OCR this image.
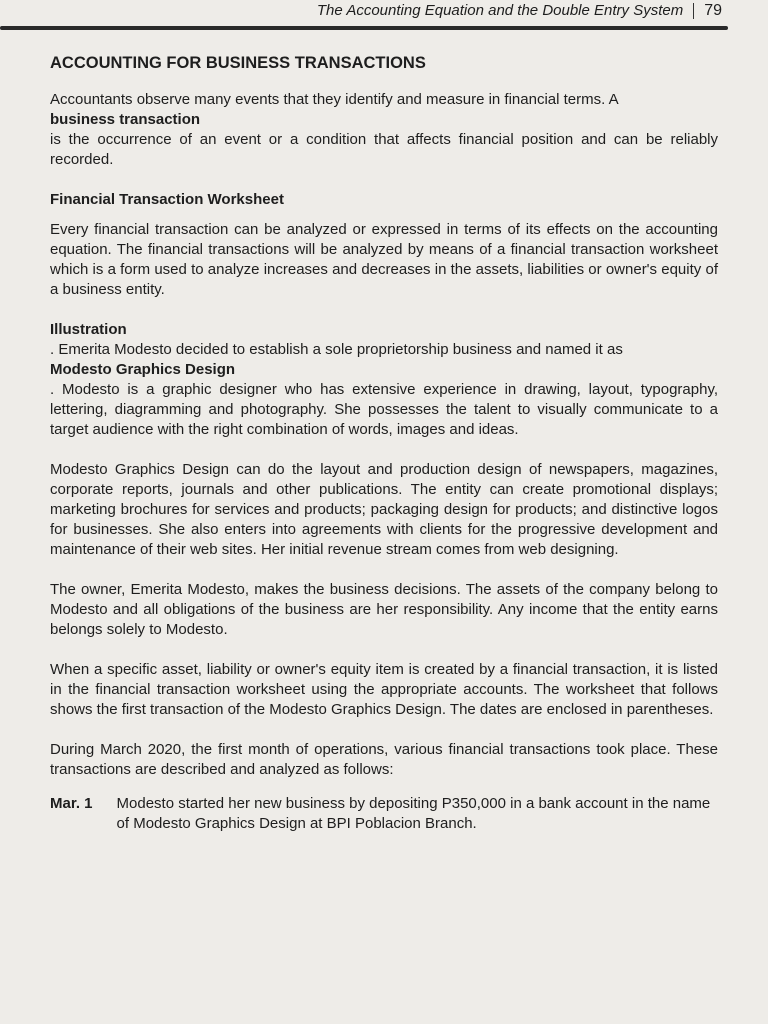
The Accounting Equation and the Double Entry System 79
ACCOUNTING FOR BUSINESS TRANSACTIONS

Accountants observe many events that they identify and measure in financial terms. A
business transaction
is the occurrence of an event or a condition that affects financial position and can be reliably recorded.

Financial Transaction Worksheet

Every financial transaction can be analyzed or expressed in terms of its effects on the accounting equation. The financial transactions will be analyzed by means of a financial transaction worksheet which is a form used to analyze increases and decreases in the assets, liabilities or owner's equity of a business entity.

Illustration
. Emerita Modesto decided to establish a sole proprietorship business and named it as
Modesto Graphics Design
. Modesto is a graphic designer who has extensive experience in drawing, layout, typography, lettering, diagramming and photography. She possesses the talent to visually communicate to a target audience with the right combination of words, images and ideas.

Modesto Graphics Design can do the layout and production design of newspapers, magazines, corporate reports, journals and other publications. The entity can create promotional displays; marketing brochures for services and products; packaging design for products; and distinctive logos for businesses. She also enters into agreements with clients for the progressive development and maintenance of their web sites. Her initial revenue stream comes from web designing.

The owner, Emerita Modesto, makes the business decisions. The assets of the company belong to Modesto and all obligations of the business are her responsibility. Any income that the entity earns belongs solely to Modesto.

When a specific asset, liability or owner's equity item is created by a financial transaction, it is listed in the financial transaction worksheet using the appropriate accounts. The worksheet that follows shows the first transaction of the Modesto Graphics Design. The dates are enclosed in parentheses.

During March 2020, the first month of operations, various financial transactions took place. These transactions are described and analyzed as follows:

Mar. 1 Modesto started her new business by depositing P350,000 in a bank account in the name of Modesto Graphics Design at BPI Poblacion Branch.
